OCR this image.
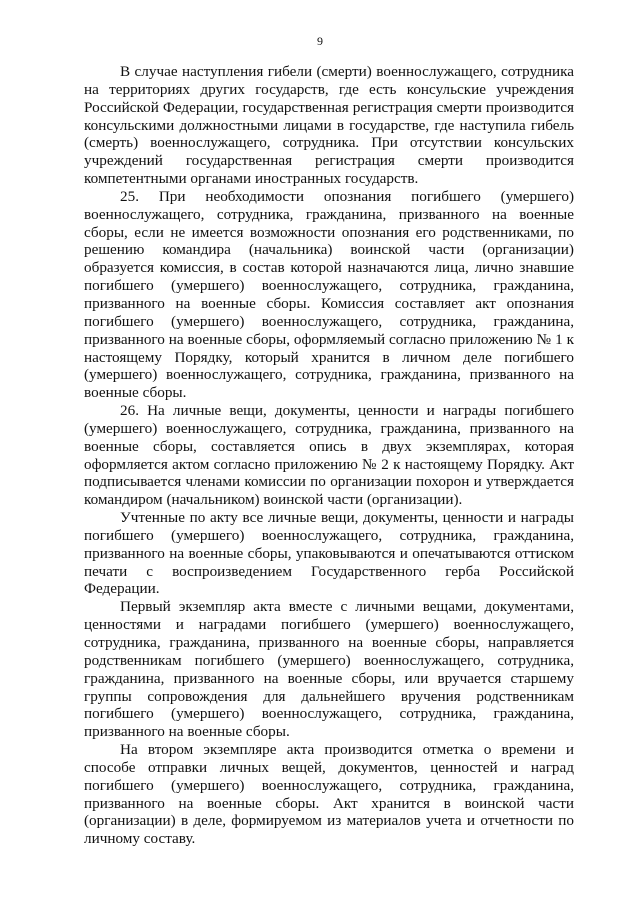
9

В случае наступления гибели (смерти) военнослужащего, сотрудника на территориях других государств, где есть консульские учреждения Российской Федерации, государственная регистрация смерти производится консульскими должностными лицами в государстве, где наступила гибель (смерть) военнослужащего, сотрудника. При отсутствии консульских учреждений государственная регистрация смерти производится компетентными органами иностранных государств.

25. При необходимости опознания погибшего (умершего) военнослужащего, сотрудника, гражданина, призванного на военные сборы, если не имеется возможности опознания его родственниками, по решению командира (начальника) воинской части (организации) образуется комиссия, в состав которой назначаются лица, лично знавшие погибшего (умершего) военнослужащего, сотрудника, гражданина, призванного на военные сборы. Комиссия составляет акт опознания погибшего (умершего) военнослужащего, сотрудника, гражданина, призванного на военные сборы, оформляемый согласно приложению № 1 к настоящему Порядку, который хранится в личном деле погибшего (умершего) военнослужащего, сотрудника, гражданина, призванного на военные сборы.

26. На личные вещи, документы, ценности и награды погибшего (умершего) военнослужащего, сотрудника, гражданина, призванного на военные сборы, составляется опись в двух экземплярах, которая оформляется актом согласно приложению № 2 к настоящему Порядку. Акт подписывается членами комиссии по организации похорон и утверждается командиром (начальником) воинской части (организации).

Учтенные по акту все личные вещи, документы, ценности и награды погибшего (умершего) военнослужащего, сотрудника, гражданина, призванного на военные сборы, упаковываются и опечатываются оттиском печати с воспроизведением Государственного герба Российской Федерации.

Первый экземпляр акта вместе с личными вещами, документами, ценностями и наградами погибшего (умершего) военнослужащего, сотрудника, гражданина, призванного на военные сборы, направляется родственникам погибшего (умершего) военнослужащего, сотрудника, гражданина, призванного на военные сборы, или вручается старшему группы сопровождения для дальнейшего вручения родственникам погибшего (умершего) военнослужащего, сотрудника, гражданина, призванного на военные сборы.

На втором экземпляре акта производится отметка о времени и способе отправки личных вещей, документов, ценностей и наград погибшего (умершего) военнослужащего, сотрудника, гражданина, призванного на военные сборы. Акт хранится в воинской части (организации) в деле, формируемом из материалов учета и отчетности по личному составу.
